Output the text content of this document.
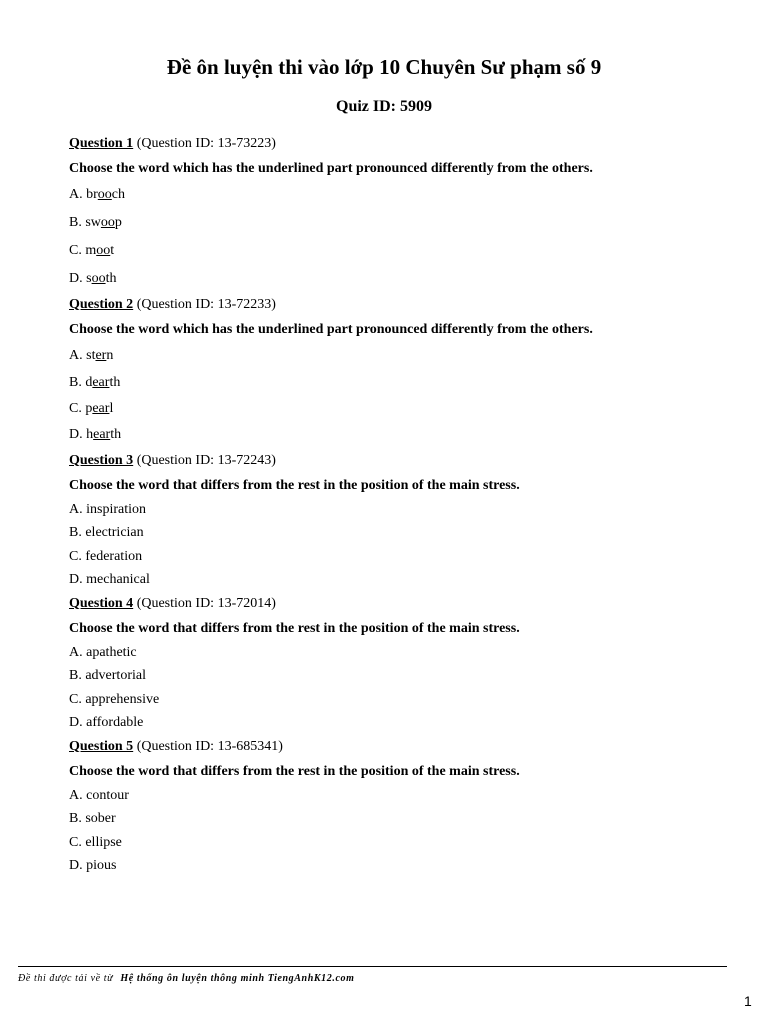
Đề ôn luyện thi vào lớp 10 Chuyên Sư phạm số 9
Quiz ID: 5909
Question 1 (Question ID: 13-73223)
Choose the word which has the underlined part pronounced differently from the others.
A. brooch
B. swoop
C. moot
D. sooth
Question 2 (Question ID: 13-72233)
Choose the word which has the underlined part pronounced differently from the others.
A. stern
B. dearth
C. pearl
D. hearth
Question 3 (Question ID: 13-72243)
Choose the word that differs from the rest in the position of the main stress.
A. inspiration
B. electrician
C. federation
D. mechanical
Question 4 (Question ID: 13-72014)
Choose the word that differs from the rest in the position of the main stress.
A. apathetic
B. advertorial
C. apprehensive
D. affordable
Question 5 (Question ID: 13-685341)
Choose the word that differs from the rest in the position of the main stress.
A. contour
B. sober
C. ellipse
D. pious
Đề thi được tải về từ Hệ thống ôn luyện thông minh TiengAnhK12.com
1
